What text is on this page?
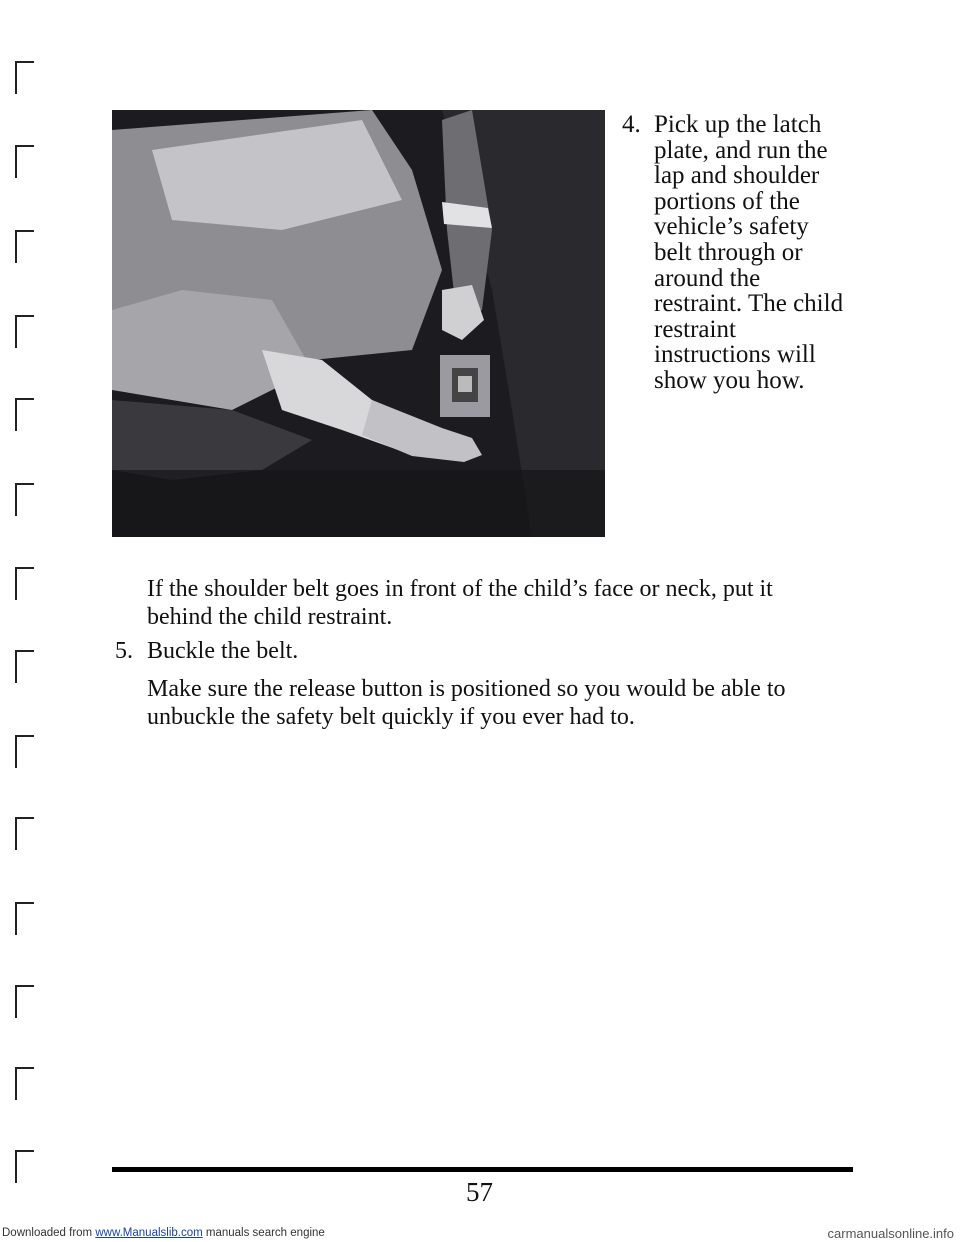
4. Pick up the latch plate, and run the lap and shoulder portions of the vehicle’s safety belt through or around the restraint. The child restraint instructions will show you how.
If the shoulder belt goes in front of the child’s face or neck, put it behind the child restraint.
5. Buckle the belt.
Make sure the release button is positioned so you would be able to unbuckle the safety belt quickly if you ever had to.
57
Downloaded from www.Manualslib.com manuals search engine	carmanualsonline.info
